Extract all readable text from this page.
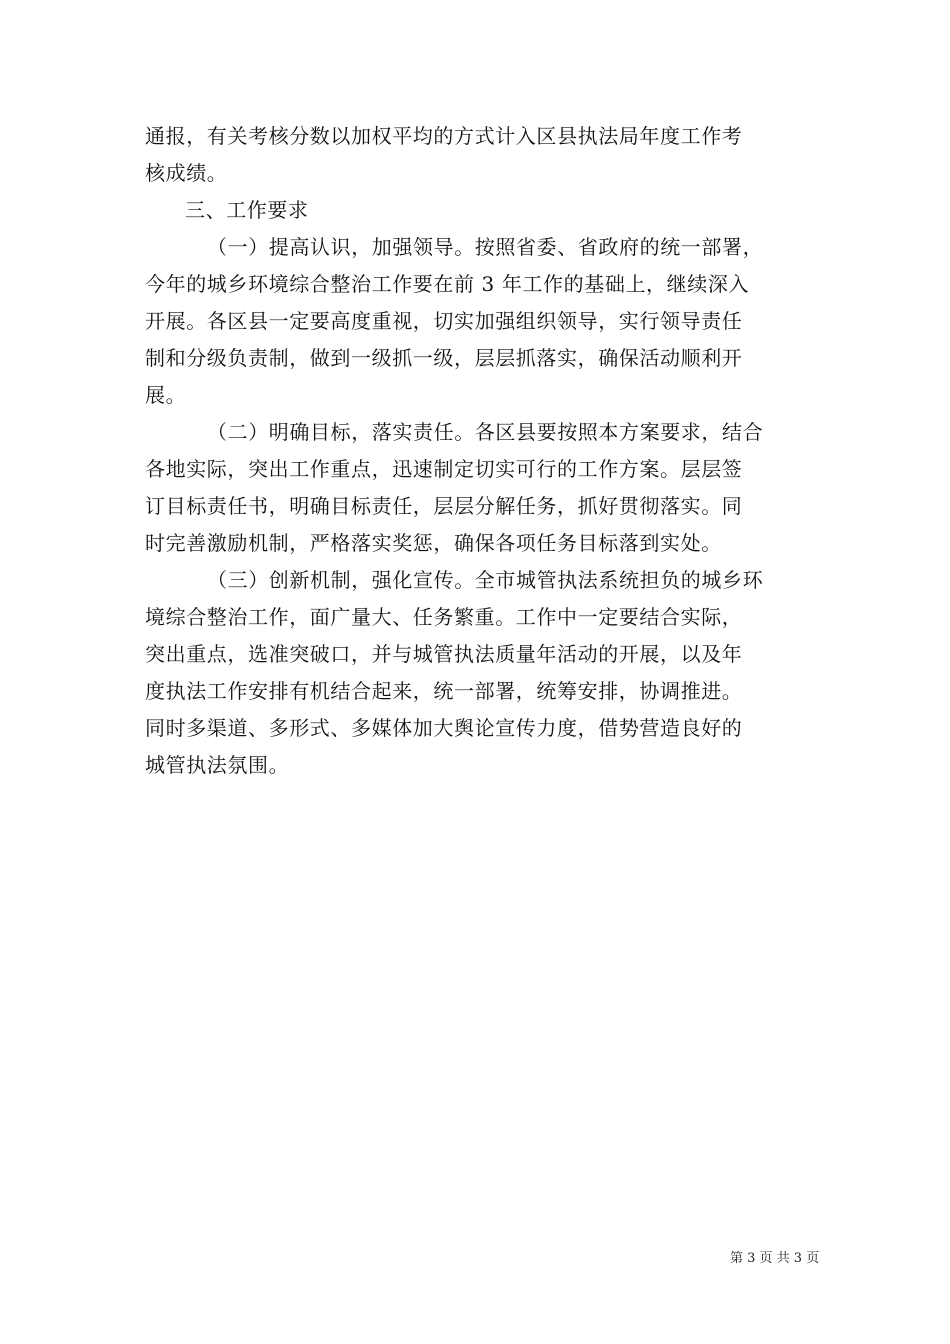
通报，有关考核分数以加权平均的方式计入区县执法局年度工作考
核成绩。
三、工作要求
（一）提高认识，加强领导。按照省委、省政府的统一部署，
今年的城乡环境综合整治工作要在前 3 年工作的基础上，继续深入
开展。各区县一定要高度重视，切实加强组织领导，实行领导责任
制和分级负责制，做到一级抓一级，层层抓落实，确保活动顺利开
展。
（二）明确目标，落实责任。各区县要按照本方案要求，结合
各地实际，突出工作重点，迅速制定切实可行的工作方案。层层签
订目标责任书，明确目标责任，层层分解任务，抓好贯彻落实。同
时完善激励机制，严格落实奖惩，确保各项任务目标落到实处。
（三）创新机制，强化宣传。全市城管执法系统担负的城乡环
境综合整治工作，面广量大、任务繁重。工作中一定要结合实际，
突出重点，选准突破口，并与城管执法质量年活动的开展，以及年
度执法工作安排有机结合起来，统一部署，统筹安排，协调推进。
同时多渠道、多形式、多媒体加大舆论宣传力度，借势营造良好的
城管执法氛围。
第 3 页 共 3 页
